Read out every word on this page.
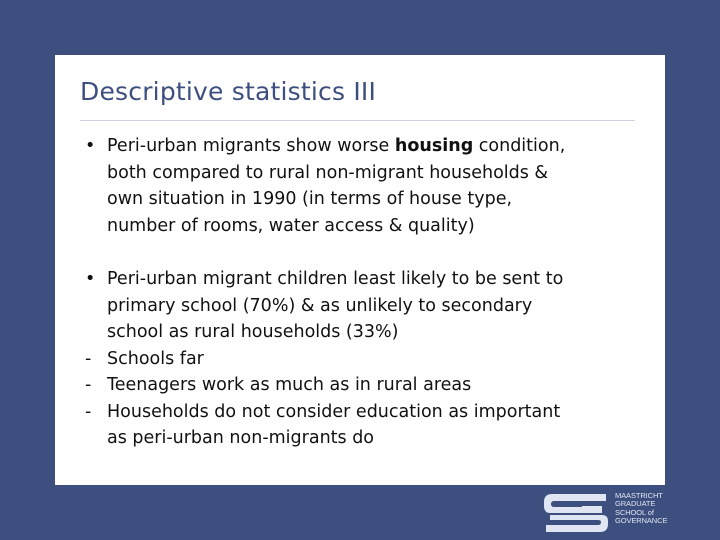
Descriptive statistics III
• Peri-urban migrants show worse housing condition,
both compared to rural non-migrant households &
own situation in 1990 (in terms of house type,
number of rooms, water access & quality)
• Peri-urban migrant children least likely to be sent to
primary school (70%) & as unlikely to secondary
school as rural households (33%)
- Schools far
- Teenagers work as much as in rural areas
- Households do not consider education as important
as peri-urban non-migrants do
MAASTRICHT
GRADUATE
SCHOOL of
GOVERNANCE
